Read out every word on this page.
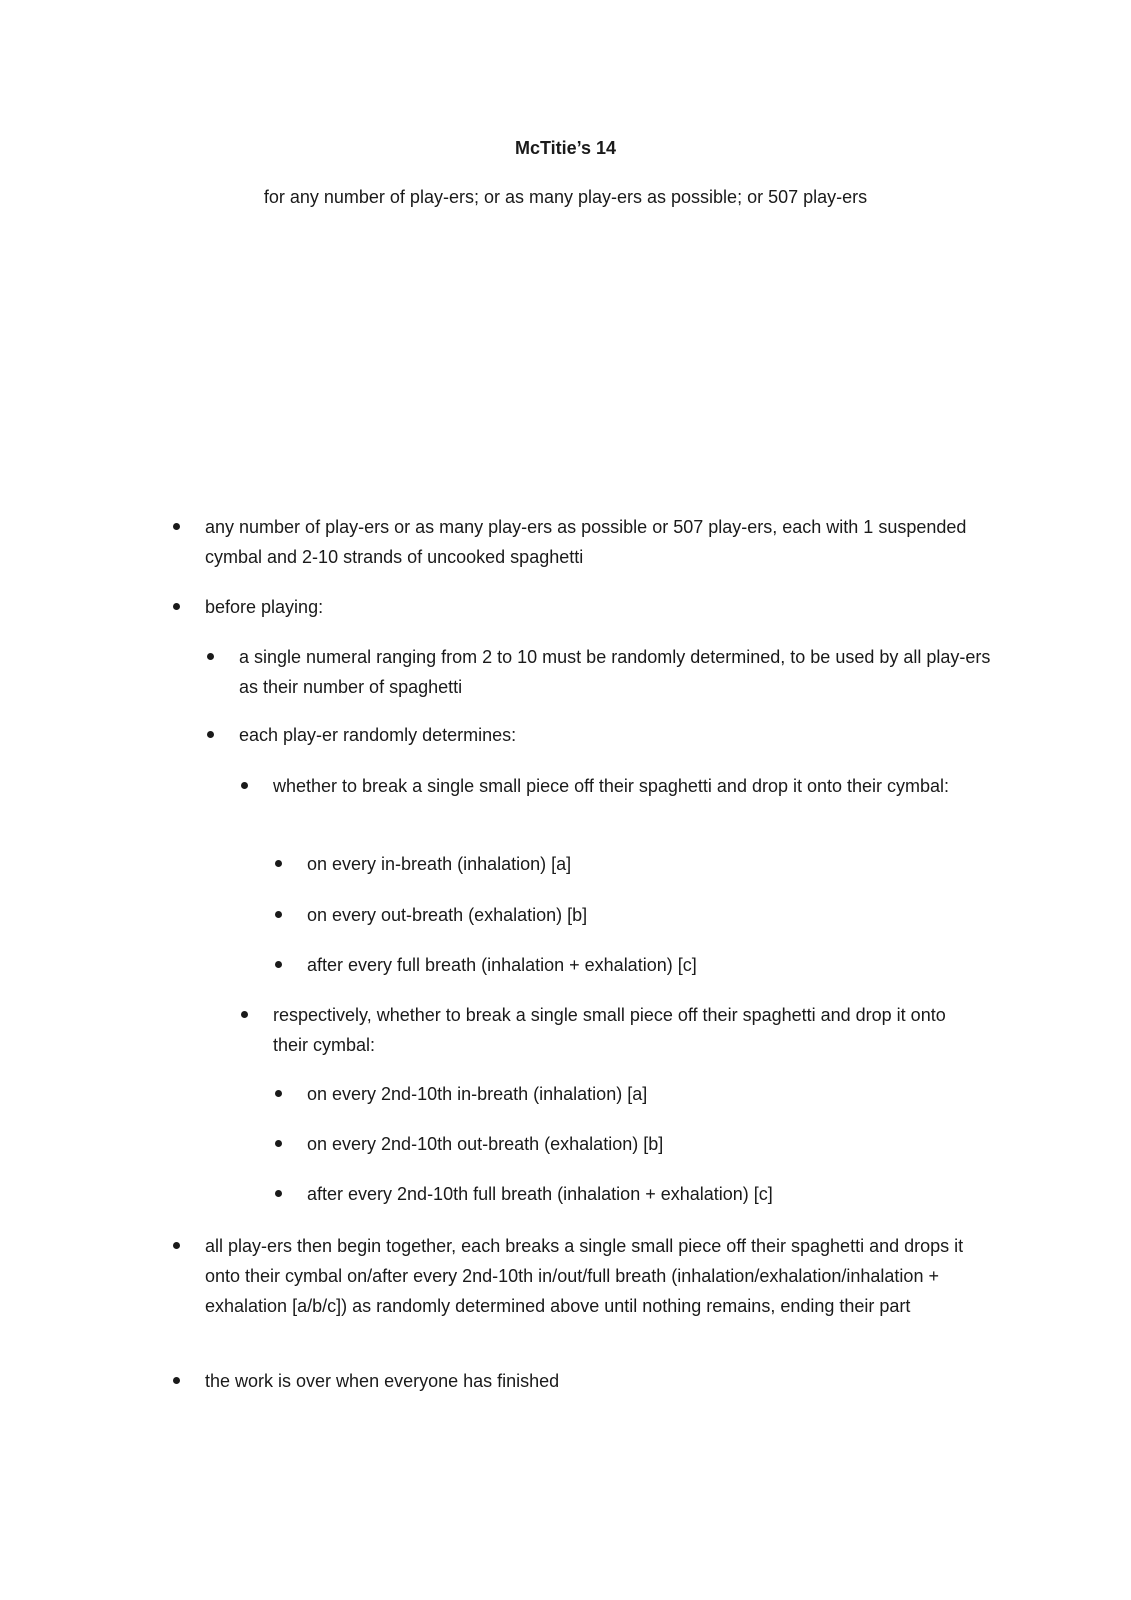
McTitie’s 14

for any number of play-ers; or as many play-ers as possible; or 507 play-ers

any number of play-ers or as many play-ers as possible or 507 play-ers, each with 1 suspended cymbal and 2-10 strands of uncooked spaghetti

before playing:

a single numeral ranging from 2 to 10 must be randomly determined, to be used by all play-ers as their number of spaghetti

each play-er randomly determines:

whether to break a single small piece off their spaghetti and drop it onto their cymbal:

on every in-breath (inhalation) [a]

on every out-breath (exhalation) [b]

after every full breath (inhalation + exhalation) [c]

respectively, whether to break a single small piece off their spaghetti and drop it onto their cymbal:

on every 2nd-10th in-breath (inhalation) [a]

on every 2nd-10th out-breath (exhalation) [b]

after every 2nd-10th full breath (inhalation + exhalation) [c]

all play-ers then begin together, each breaks a single small piece off their spaghetti and drops it onto their cymbal on/after every 2nd-10th in/out/full breath (inhalation/exhalation/inhalation + exhalation [a/b/c]) as randomly determined above until nothing remains, ending their part

the work is over when everyone has finished
